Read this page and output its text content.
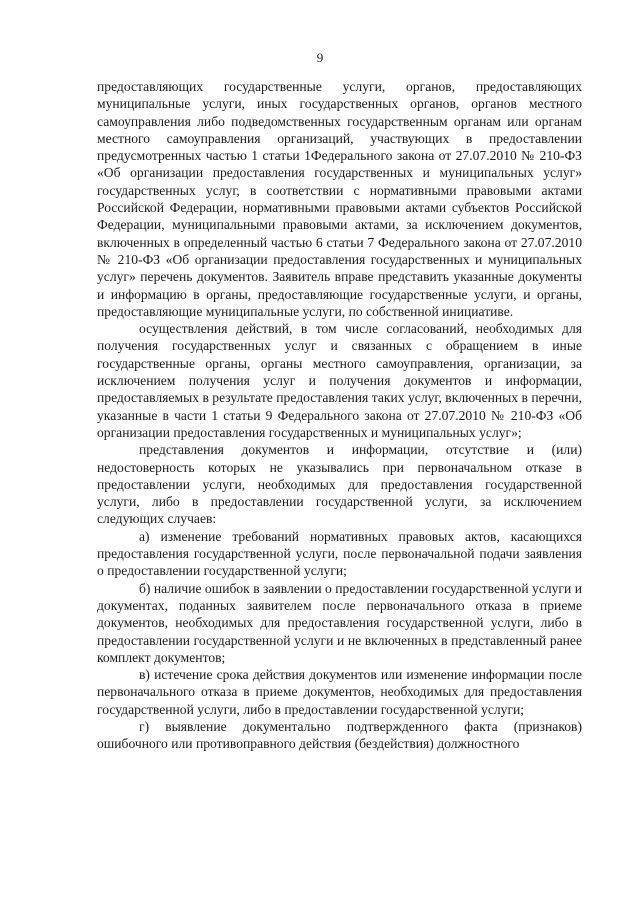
9

предоставляющих государственные услуги, органов, предоставляющих муниципальные услуги, иных государственных органов, органов местного самоуправления либо подведомственных государственным органам или органам местного самоуправления организаций, участвующих в предоставлении предусмотренных частью 1 статьи 1Федерального закона от 27.07.2010 № 210-ФЗ «Об организации предоставления государственных и муниципальных услуг» государственных услуг, в соответствии с нормативными правовыми актами Российской Федерации, нормативными правовыми актами субъектов Российской Федерации, муниципальными правовыми актами, за исключением документов, включенных в определенный частью 6 статьи 7 Федерального закона от 27.07.2010 № 210-ФЗ «Об организации предоставления государственных и муниципальных услуг» перечень документов. Заявитель вправе представить указанные документы и информацию в органы, предоставляющие государственные услуги, и органы, предоставляющие муниципальные услуги, по собственной инициативе.

осуществления действий, в том числе согласований, необходимых для получения государственных услуг и связанных с обращением в иные государственные органы, органы местного самоуправления, организации, за исключением получения услуг и получения документов и информации, предоставляемых в результате предоставления таких услуг, включенных в перечни, указанные в части 1 статьи 9 Федерального закона от 27.07.2010 № 210-ФЗ «Об организации предоставления государственных и муниципальных услуг»;

представления документов и информации, отсутствие и (или) недостоверность которых не указывались при первоначальном отказе в предоставлении услуги, необходимых для предоставления государственной услуги, либо в предоставлении государственной услуги, за исключением следующих случаев:

а) изменение требований нормативных правовых актов, касающихся предоставления государственной услуги, после первоначальной подачи заявления о предоставлении государственной услуги;

б) наличие ошибок в заявлении о предоставлении государственной услуги и документах, поданных заявителем после первоначального отказа в приеме документов, необходимых для предоставления государственной услуги, либо в предоставлении государственной услуги и не включенных в представленный ранее комплект документов;

в) истечение срока действия документов или изменение информации после первоначального отказа в приеме документов, необходимых для предоставления государственной услуги, либо в предоставлении государственной услуги;

г) выявление документально подтвержденного факта (признаков) ошибочного или противоправного действия (бездействия) должностного
